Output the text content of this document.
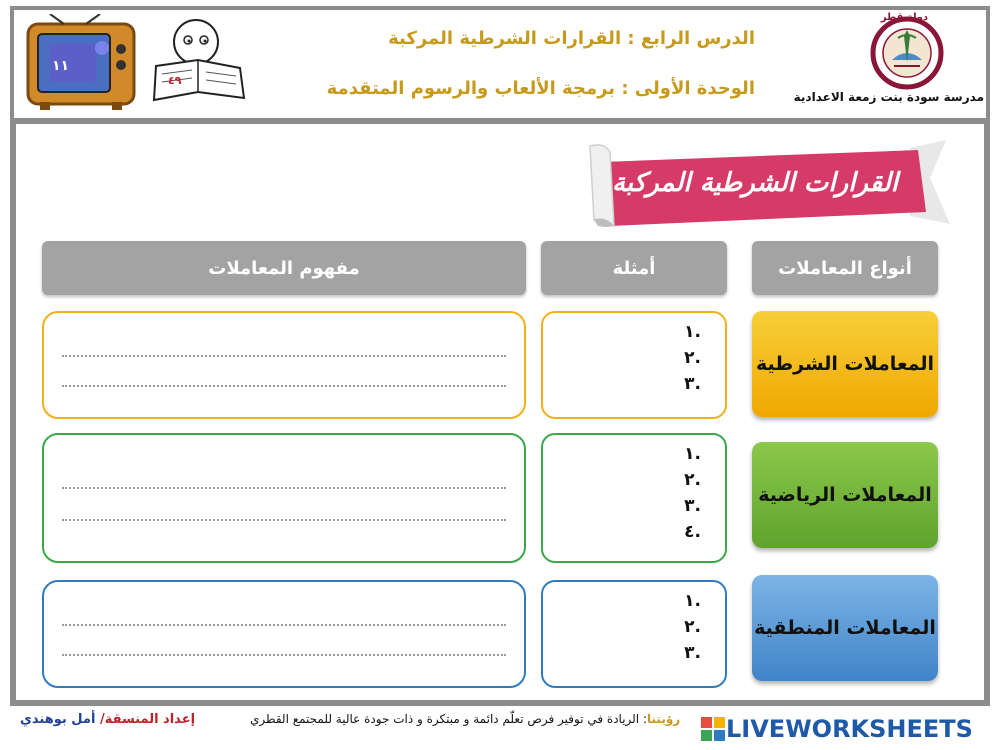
١١
٤٩
الدرس الرابع : القرارات الشرطية المركبة
الوحدة الأولى : برمجة الألعاب والرسوم المتقدمة
دولة قطر
مدرسة سودة بنت زمعة الاعدادية
القرارات الشرطية المركبة
أنواع المعاملات
أمثلة
مفهوم المعاملات
المعاملات الشرطية
.١
.٢
.٣
المعاملات الرياضية
.١
.٢
.٣
.٤
المعاملات المنطقية
.١
.٢
.٣
إعداد المنسقة/ أمل بوهندي	رؤيتنا: الريادة في توفير فرص تعلّم دائمة و مبتكرة و ذات جودة عالية للمجتمع القطري	LIVEWORKSHEETS
